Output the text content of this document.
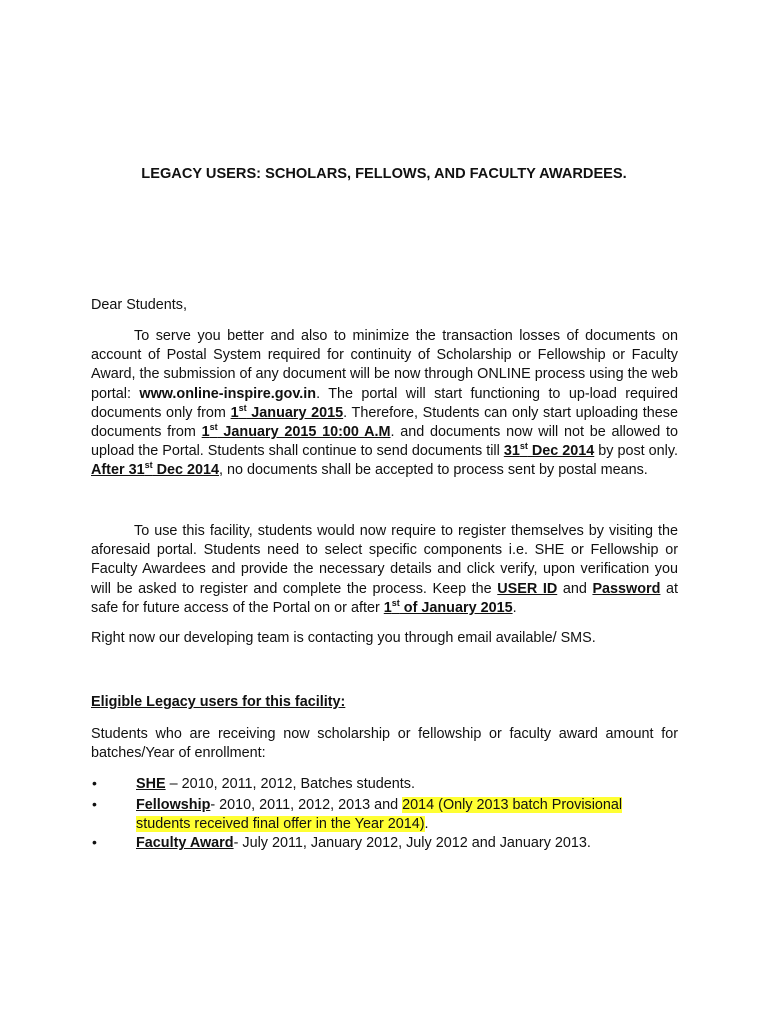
LEGACY USERS: SCHOLARS, FELLOWS, AND FACULTY AWARDEES.

Dear Students,

To serve you better and also to minimize the transaction losses of documents on account of Postal System required for continuity of Scholarship or Fellowship or Faculty Award, the submission of any document will be now through ONLINE process using the web portal: www.online-inspire.gov.in. The portal will start functioning to up-load required documents only from 1st January 2015. Therefore, Students can only start uploading these documents from 1st January 2015 10:00 A.M. and documents now will not be allowed to upload the Portal. Students shall continue to send documents till 31st Dec 2014 by post only. After 31st Dec 2014, no documents shall be accepted to process sent by postal means.

To use this facility, students would now require to register themselves by visiting the aforesaid portal. Students need to select specific components i.e. SHE or Fellowship or Faculty Awardees and provide the necessary details and click verify, upon verification you will be asked to register and complete the process. Keep the USER ID and Password at safe for future access of the Portal on or after 1st of January 2015.

Right now our developing team is contacting you through email available/ SMS.

Eligible Legacy users for this facility:

Students who are receiving now scholarship or fellowship or faculty award amount for batches/Year of enrollment:

•	SHE – 2010, 2011, 2012, Batches students.
•	Fellowship- 2010, 2011, 2012, 2013 and 2014 (Only 2013 batch Provisional students received final offer in the Year 2014).
•	Faculty Award- July 2011, January 2012, July 2012 and January 2013.
